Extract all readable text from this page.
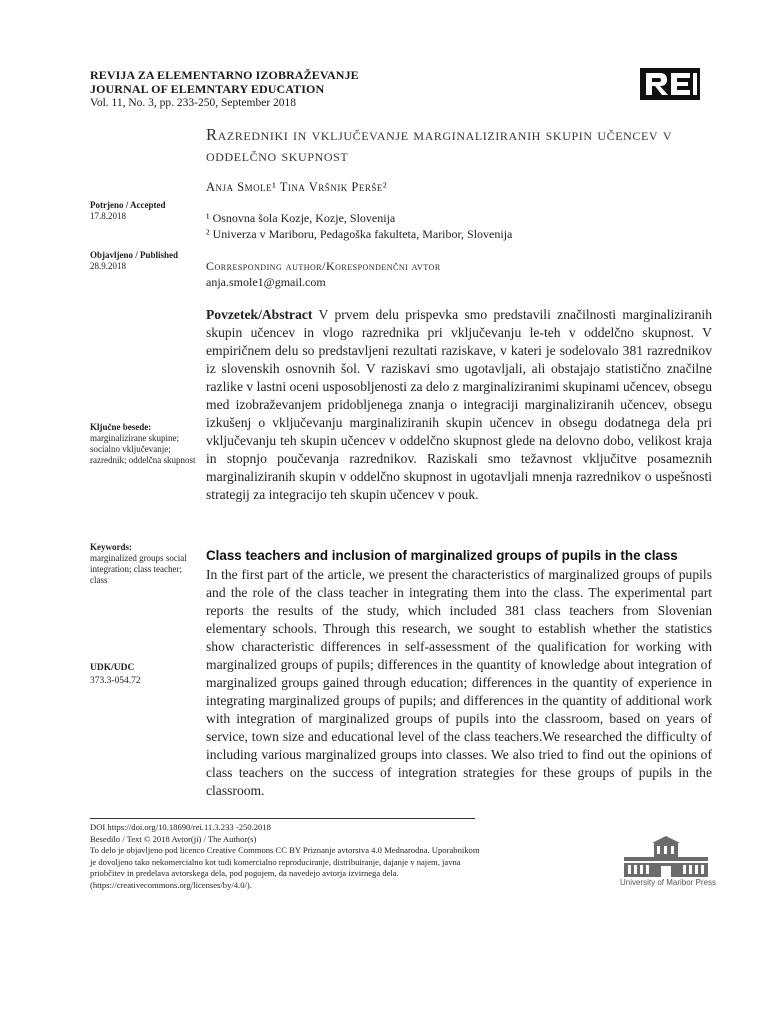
REVIJA ZA ELEMENTARNO IZOBRAŽEVANJE
JOURNAL OF ELEMNTARY EDUCATION
Vol. 11, No. 3, pp. 233-250, September 2018
Razredniki in vključevanje marginaliziranih skupin učencev v oddelčno skupnost
Anja Smole¹ Tina Vršnik Perše²
Potrjeno / Accepted
17.8.2018
Objavljeno / Published
28.9.2018
¹ Osnovna šola Kozje, Kozje, Slovenija
² Univerza v Mariboru, Pedagoška fakulteta, Maribor, Slovenija
Corresponding author/Korespondenčni avtor
anja.smole1@gmail.com
Povzetek/Abstract V prvem delu prispevka smo predstavili značilnosti marginaliziranih skupin učencev in vlogo razrednika pri vključevanju le-teh v oddelčno skupnost. V empiričnem delu so predstavljeni rezultati raziskave, v kateri je sodelovalo 381 razrednikov iz slovenskih osnovnih šol. V raziskavi smo ugotavljali, ali obstajajo statistično značilne razlike v lastni oceni usposobljenosti za delo z marginaliziranimi skupinami učencev, obsegu med izobraževanjem pridobljenega znanja o integraciji marginaliziranih učencev, obsegu izkušenj o vključevanju marginaliziranih skupin učencev in obsegu dodatnega dela pri vključevanju teh skupin učencev v oddelčno skupnost glede na delovno dobo, velikost kraja in stopnjo poučevanja razrednikov. Raziskali smo težavnost vključitve posameznih marginaliziranih skupin v oddelčno skupnost in ugotavljali mnenja razrednikov o uspešnosti strategij za integracijo teh skupin učencev v pouk.
Ključne besede:
marginalizirane skupine; socialno vključevanje; razrednik; oddelčna skupnost
Keywords:
marginalized groups social integration; class teacher; class
UDK/UDC
373.3-054.72
Class teachers and inclusion of marginalized groups of pupils in the class
In the first part of the article, we present the characteristics of marginalized groups of pupils and the role of the class teacher in integrating them into the class. The experimental part reports the results of the study, which included 381 class teachers from Slovenian elementary schools. Through this research, we sought to establish whether the statistics show characteristic differences in self-assessment of the qualification for working with marginalized groups of pupils; differences in the quantity of knowledge about integration of marginalized groups gained through education; differences in the quantity of experience in integrating marginalized groups of pupils; and differences in the quantity of additional work with integration of marginalized groups of pupils into the classroom, based on years of service, town size and educational level of the class teachers.We researched the difficulty of including various marginalized groups into classes. We also tried to find out the opinions of class teachers on the success of integration strategies for these groups of pupils in the classroom.
DOI https://doi.org/10.18690/rei.11.3.233 -250.2018
Besedilo / Text © 2018 Avtor(ji) / The Author(s)
To delo je objavljeno pod licenco Creative Commons CC BY Priznanje avtorstva 4.0 Mednarodna. Uporabnikom je dovoljeno tako nekomercialno kot tudi komercialno reproduciranje, distribuiranje, dajanje v najem, javna priobčitev in predelava avtorskega dela, pod pogojem, da navedejo avtorja izvirnega dela.
(https://creativecommons.org/licenses/by/4.0/).	University of Maribor Press
